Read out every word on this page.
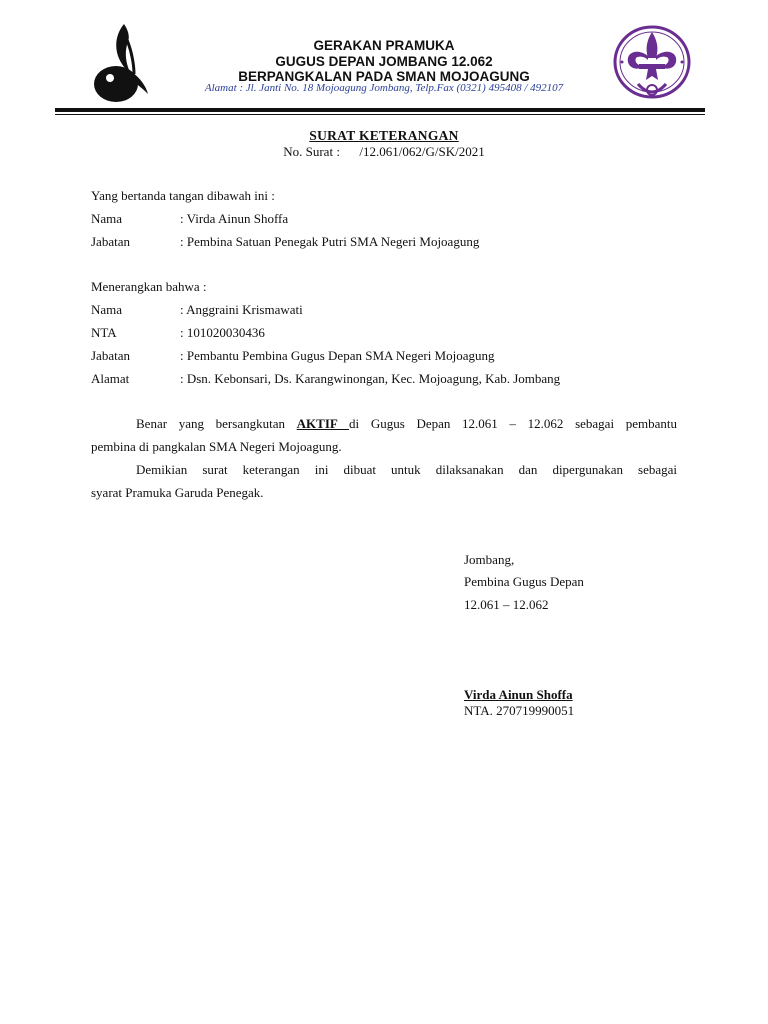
GERAKAN PRAMUKA
GUGUS DEPAN JOMBANG 12.062
BERPANGKALAN PADA SMAN MOJOAGUNG
Alamat : Jl. Janti No. 18 Mojoagung Jombang, Telp.Fax (0321) 495408 / 492107
SURAT KETERANGAN
No. Surat :      /12.061/062/G/SK/2021
Yang bertanda tangan dibawah ini :
Nama	: Virda Ainun Shoffa
Jabatan	: Pembina Satuan Penegak Putri SMA Negeri Mojoagung
Menerangkan bahwa :
Nama	: Anggraini Krismawati
NTA	: 101020030436
Jabatan	: Pembantu Pembina Gugus Depan SMA Negeri Mojoagung
Alamat	: Dsn. Kebonsari, Ds. Karangwinongan, Kec. Mojoagung, Kab. Jombang
Benar yang bersangkutan AKTIF di Gugus Depan 12.061 – 12.062 sebagai pembantu
pembina di pangkalan SMA Negeri Mojoagung.
Demikian surat keterangan ini dibuat untuk dilaksanakan dan dipergunakan sebagai
syarat Pramuka Garuda Penegak.
Jombang,
Pembina Gugus Depan
12.061 – 12.062
Virda Ainun Shoffa
NTA. 270719990051
